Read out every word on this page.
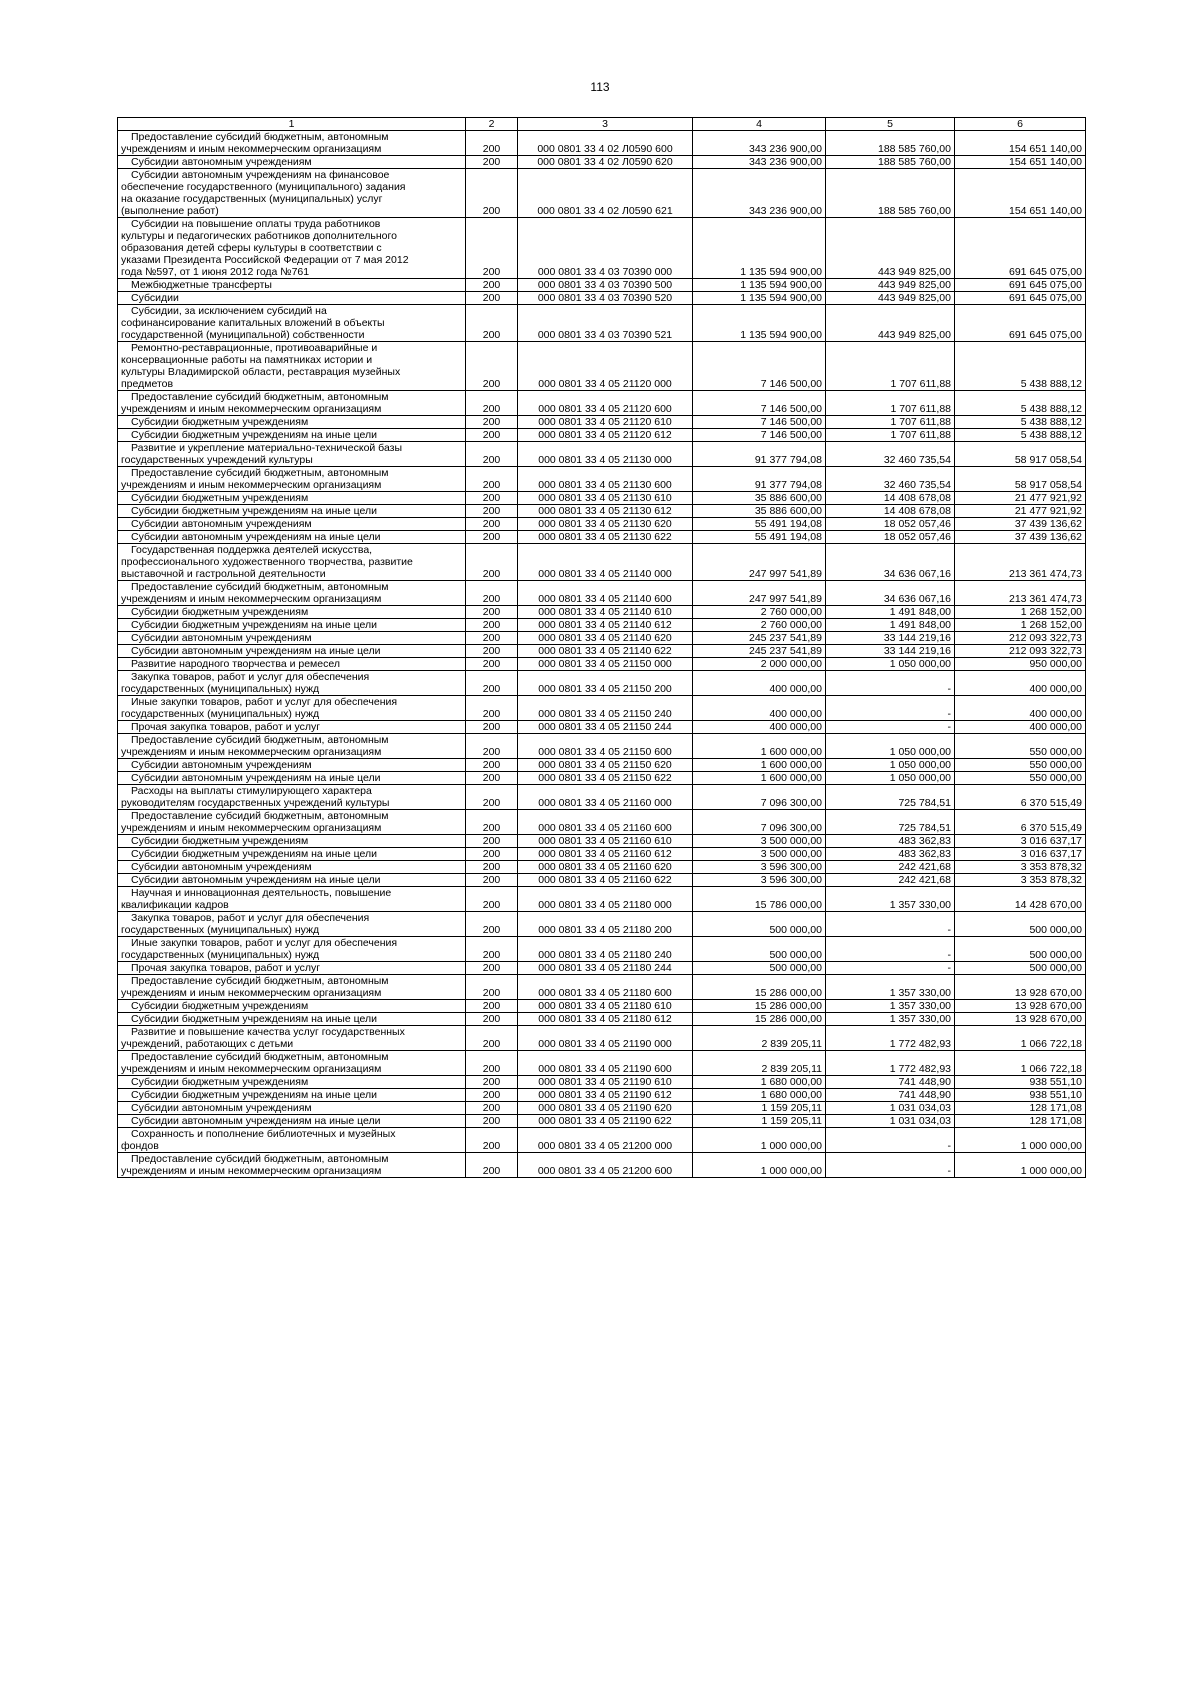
113
1	2	3	4	5	6
Предоставление субсидий бюджетным, автономным
учреждениям и иным некоммерческим организациям	200	000 0801 33 4 02 Л0590 600	343 236 900,00	188 585 760,00	154 651 140,00
Субсидии автономным учреждениям	200	000 0801 33 4 02 Л0590 620	343 236 900,00	188 585 760,00	154 651 140,00
Субсидии автономным учреждениям на финансовое
обеспечение государственного (муниципального) задания
на оказание государственных (муниципальных) услуг
(выполнение работ)	200	000 0801 33 4 02 Л0590 621	343 236 900,00	188 585 760,00	154 651 140,00
Субсидии на повышение оплаты труда работников
культуры и педагогических работников дополнительного
образования детей сферы культуры в соответствии с
указами Президента Российской Федерации от 7 мая 2012
года №597, от 1 июня 2012 года №761	200	000 0801 33 4 03 70390 000	1 135 594 900,00	443 949 825,00	691 645 075,00
Межбюджетные трансферты	200	000 0801 33 4 03 70390 500	1 135 594 900,00	443 949 825,00	691 645 075,00
Субсидии	200	000 0801 33 4 03 70390 520	1 135 594 900,00	443 949 825,00	691 645 075,00
Субсидии, за исключением субсидий на
софинансирование капитальных вложений в объекты
государственной (муниципальной) собственности	200	000 0801 33 4 03 70390 521	1 135 594 900,00	443 949 825,00	691 645 075,00
Ремонтно-реставрационные, противоаварийные и
консервационные работы на памятниках истории и
культуры Владимирской области, реставрация музейных
предметов	200	000 0801 33 4 05 21120 000	7 146 500,00	1 707 611,88	5 438 888,12
Предоставление субсидий бюджетным, автономным
учреждениям и иным некоммерческим организациям	200	000 0801 33 4 05 21120 600	7 146 500,00	1 707 611,88	5 438 888,12
Субсидии бюджетным учреждениям	200	000 0801 33 4 05 21120 610	7 146 500,00	1 707 611,88	5 438 888,12
Субсидии бюджетным учреждениям на иные цели	200	000 0801 33 4 05 21120 612	7 146 500,00	1 707 611,88	5 438 888,12
Развитие и укрепление материально-технической базы
государственных учреждений культуры	200	000 0801 33 4 05 21130 000	91 377 794,08	32 460 735,54	58 917 058,54
Предоставление субсидий бюджетным, автономным
учреждениям и иным некоммерческим организациям	200	000 0801 33 4 05 21130 600	91 377 794,08	32 460 735,54	58 917 058,54
Субсидии бюджетным учреждениям	200	000 0801 33 4 05 21130 610	35 886 600,00	14 408 678,08	21 477 921,92
Субсидии бюджетным учреждениям на иные цели	200	000 0801 33 4 05 21130 612	35 886 600,00	14 408 678,08	21 477 921,92
Субсидии автономным учреждениям	200	000 0801 33 4 05 21130 620	55 491 194,08	18 052 057,46	37 439 136,62
Субсидии автономным учреждениям на иные цели	200	000 0801 33 4 05 21130 622	55 491 194,08	18 052 057,46	37 439 136,62
Государственная поддержка деятелей искусства,
профессионального художественного творчества, развитие
выставочной и гастрольной деятельности	200	000 0801 33 4 05 21140 000	247 997 541,89	34 636 067,16	213 361 474,73
Предоставление субсидий бюджетным, автономным
учреждениям и иным некоммерческим организациям	200	000 0801 33 4 05 21140 600	247 997 541,89	34 636 067,16	213 361 474,73
Субсидии бюджетным учреждениям	200	000 0801 33 4 05 21140 610	2 760 000,00	1 491 848,00	1 268 152,00
Субсидии бюджетным учреждениям на иные цели	200	000 0801 33 4 05 21140 612	2 760 000,00	1 491 848,00	1 268 152,00
Субсидии автономным учреждениям	200	000 0801 33 4 05 21140 620	245 237 541,89	33 144 219,16	212 093 322,73
Субсидии автономным учреждениям на иные цели	200	000 0801 33 4 05 21140 622	245 237 541,89	33 144 219,16	212 093 322,73
Развитие народного творчества и ремесел	200	000 0801 33 4 05 21150 000	2 000 000,00	1 050 000,00	950 000,00
Закупка товаров, работ и услуг для обеспечения
государственных (муниципальных) нужд	200	000 0801 33 4 05 21150 200	400 000,00	-	400 000,00
Иные закупки товаров, работ и услуг для обеспечения
государственных (муниципальных) нужд	200	000 0801 33 4 05 21150 240	400 000,00	-	400 000,00
Прочая закупка товаров, работ и услуг	200	000 0801 33 4 05 21150 244	400 000,00	-	400 000,00
Предоставление субсидий бюджетным, автономным
учреждениям и иным некоммерческим организациям	200	000 0801 33 4 05 21150 600	1 600 000,00	1 050 000,00	550 000,00
Субсидии автономным учреждениям	200	000 0801 33 4 05 21150 620	1 600 000,00	1 050 000,00	550 000,00
Субсидии автономным учреждениям на иные цели	200	000 0801 33 4 05 21150 622	1 600 000,00	1 050 000,00	550 000,00
Расходы на выплаты стимулирующего характера
руководителям государственных учреждений культуры	200	000 0801 33 4 05 21160 000	7 096 300,00	725 784,51	6 370 515,49
Предоставление субсидий бюджетным, автономным
учреждениям и иным некоммерческим организациям	200	000 0801 33 4 05 21160 600	7 096 300,00	725 784,51	6 370 515,49
Субсидии бюджетным учреждениям	200	000 0801 33 4 05 21160 610	3 500 000,00	483 362,83	3 016 637,17
Субсидии бюджетным учреждениям на иные цели	200	000 0801 33 4 05 21160 612	3 500 000,00	483 362,83	3 016 637,17
Субсидии автономным учреждениям	200	000 0801 33 4 05 21160 620	3 596 300,00	242 421,68	3 353 878,32
Субсидии автономным учреждениям на иные цели	200	000 0801 33 4 05 21160 622	3 596 300,00	242 421,68	3 353 878,32
Научная и инновационная деятельность, повышение
квалификации кадров	200	000 0801 33 4 05 21180 000	15 786 000,00	1 357 330,00	14 428 670,00
Закупка товаров, работ и услуг для обеспечения
государственных (муниципальных) нужд	200	000 0801 33 4 05 21180 200	500 000,00	-	500 000,00
Иные закупки товаров, работ и услуг для обеспечения
государственных (муниципальных) нужд	200	000 0801 33 4 05 21180 240	500 000,00	-	500 000,00
Прочая закупка товаров, работ и услуг	200	000 0801 33 4 05 21180 244	500 000,00	-	500 000,00
Предоставление субсидий бюджетным, автономным
учреждениям и иным некоммерческим организациям	200	000 0801 33 4 05 21180 600	15 286 000,00	1 357 330,00	13 928 670,00
Субсидии бюджетным учреждениям	200	000 0801 33 4 05 21180 610	15 286 000,00	1 357 330,00	13 928 670,00
Субсидии бюджетным учреждениям на иные цели	200	000 0801 33 4 05 21180 612	15 286 000,00	1 357 330,00	13 928 670,00
Развитие и повышение качества услуг государственных
учреждений, работающих с детьми	200	000 0801 33 4 05 21190 000	2 839 205,11	1 772 482,93	1 066 722,18
Предоставление субсидий бюджетным, автономным
учреждениям и иным некоммерческим организациям	200	000 0801 33 4 05 21190 600	2 839 205,11	1 772 482,93	1 066 722,18
Субсидии бюджетным учреждениям	200	000 0801 33 4 05 21190 610	1 680 000,00	741 448,90	938 551,10
Субсидии бюджетным учреждениям на иные цели	200	000 0801 33 4 05 21190 612	1 680 000,00	741 448,90	938 551,10
Субсидии автономным учреждениям	200	000 0801 33 4 05 21190 620	1 159 205,11	1 031 034,03	128 171,08
Субсидии автономным учреждениям на иные цели	200	000 0801 33 4 05 21190 622	1 159 205,11	1 031 034,03	128 171,08
Сохранность и пополнение библиотечных и музейных
фондов	200	000 0801 33 4 05 21200 000	1 000 000,00	-	1 000 000,00
Предоставление субсидий бюджетным, автономным
учреждениям и иным некоммерческим организациям	200	000 0801 33 4 05 21200 600	1 000 000,00	-	1 000 000,00
